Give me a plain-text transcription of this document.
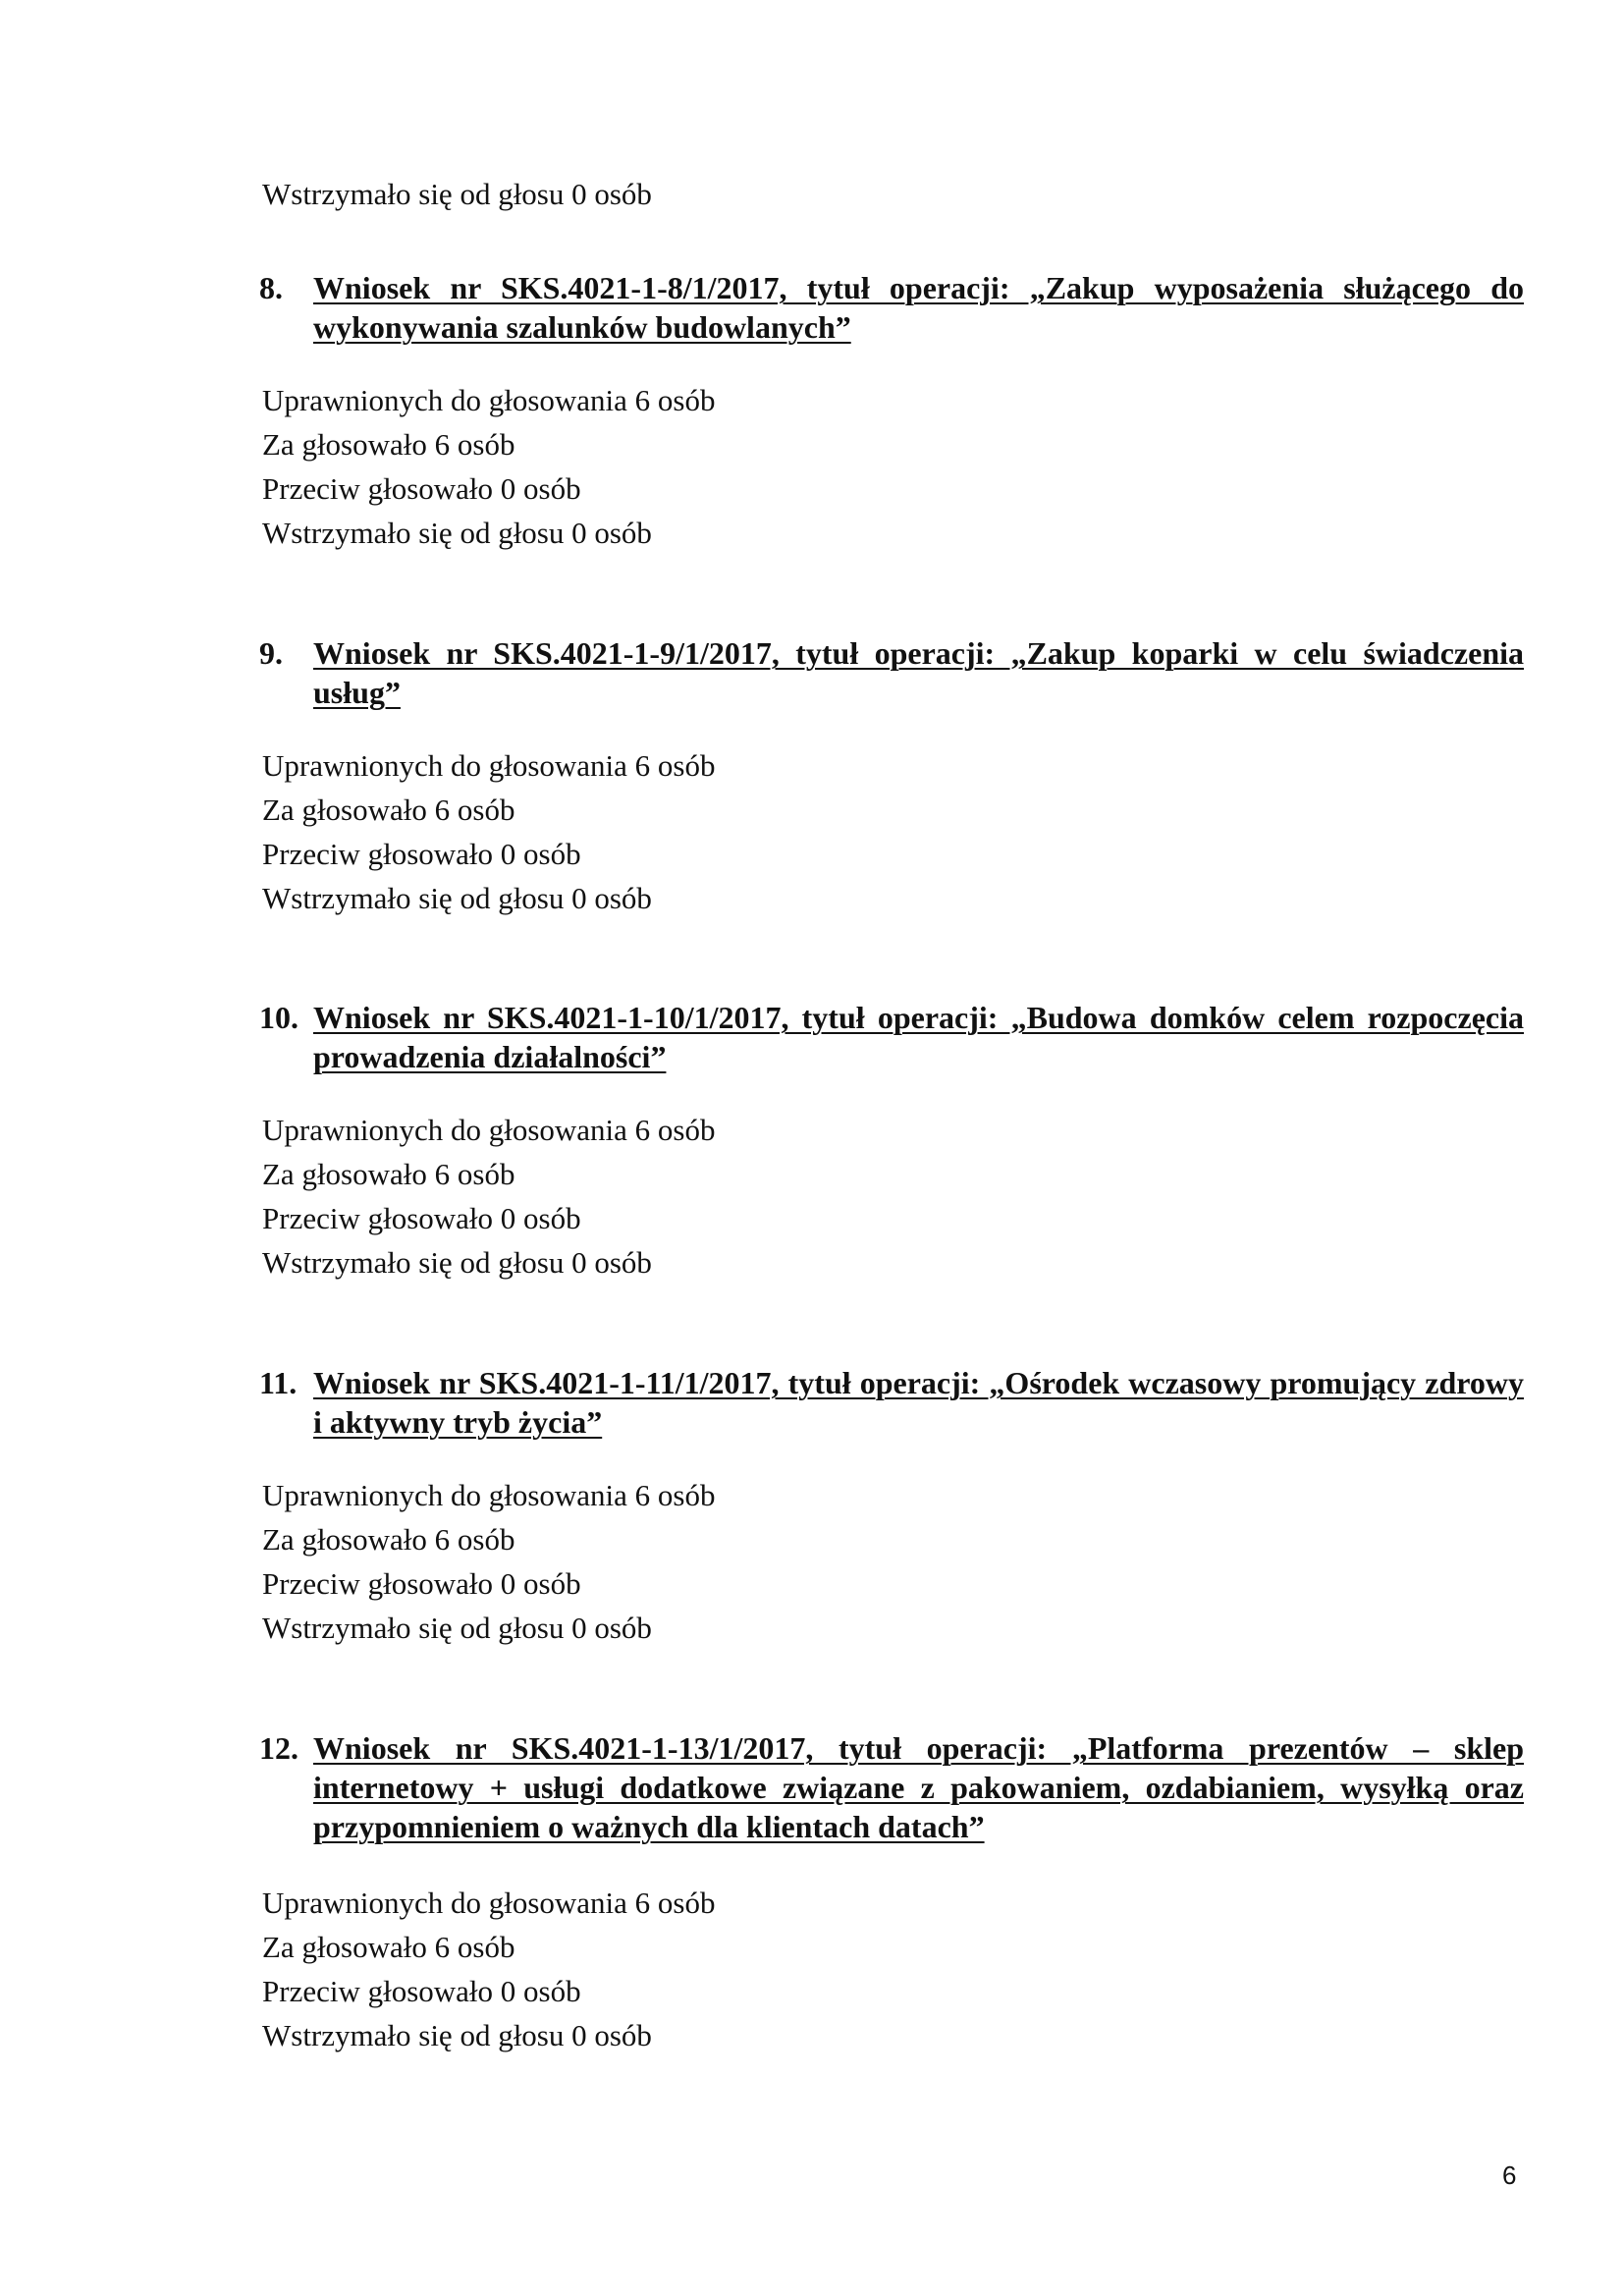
Wstrzymało się od głosu 0 osób
8. Wniosek nr SKS.4021-1-8/1/2017, tytuł operacji: „Zakup wyposażenia służącego do wykonywania szalunków budowlanych”
Uprawnionych do głosowania 6 osób
Za głosowało 6 osób
Przeciw głosowało 0 osób
Wstrzymało się od głosu 0 osób
9. Wniosek nr SKS.4021-1-9/1/2017, tytuł operacji: „Zakup koparki w celu świadczenia usług”
Uprawnionych do głosowania 6 osób
Za głosowało 6 osób
Przeciw głosowało 0 osób
Wstrzymało się od głosu 0 osób
10. Wniosek nr SKS.4021-1-10/1/2017, tytuł operacji: „Budowa domków celem rozpoczęcia prowadzenia działalności”
Uprawnionych do głosowania 6 osób
Za głosowało 6 osób
Przeciw głosowało 0 osób
Wstrzymało się od głosu 0 osób
11. Wniosek nr SKS.4021-1-11/1/2017, tytuł operacji: „Ośrodek wczasowy promujący zdrowy i aktywny tryb życia”
Uprawnionych do głosowania 6 osób
Za głosowało 6 osób
Przeciw głosowało 0 osób
Wstrzymało się od głosu 0 osób
12. Wniosek nr SKS.4021-1-13/1/2017, tytuł operacji: „Platforma prezentów – sklep internetowy + usługi dodatkowe związane z pakowaniem, ozdabianiem, wysyłką oraz przypomnieniem o ważnych dla klientach datach”
Uprawnionych do głosowania 6 osób
Za głosowało 6 osób
Przeciw głosowało 0 osób
Wstrzymało się od głosu 0 osób
6
